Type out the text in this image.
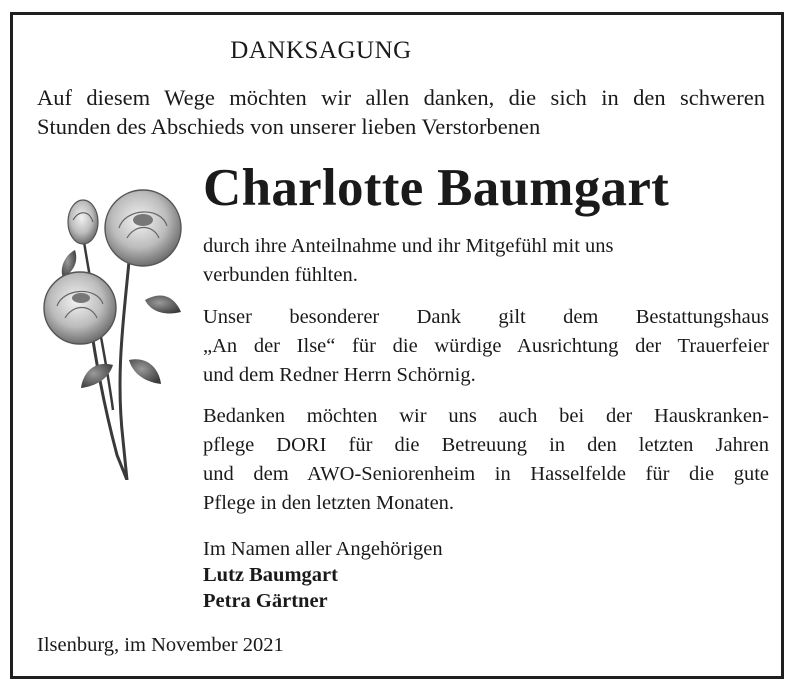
DANKSAGUNG

Auf diesem Wege möchten wir allen danken, die sich in den schweren
Stunden des Abschieds von unserer lieben Verstorbenen

Charlotte Baumgart

durch ihre Anteilnahme und ihr Mitgefühl mit uns
verbunden fühlten.

Unser besonderer Dank gilt dem Bestattungshaus
„An der Ilse“ für die würdige Ausrichtung der Trauerfeier
und dem Redner Herrn Schörnig.

Bedanken möchten wir uns auch bei der Hauskranken-
pflege DORI für die Betreuung in den letzten Jahren
und dem AWO-Seniorenheim in Hasselfelde für die gute
Pflege in den letzten Monaten.

Im Namen aller Angehörigen
Lutz Baumgart
Petra Gärtner

Ilsenburg, im November 2021
